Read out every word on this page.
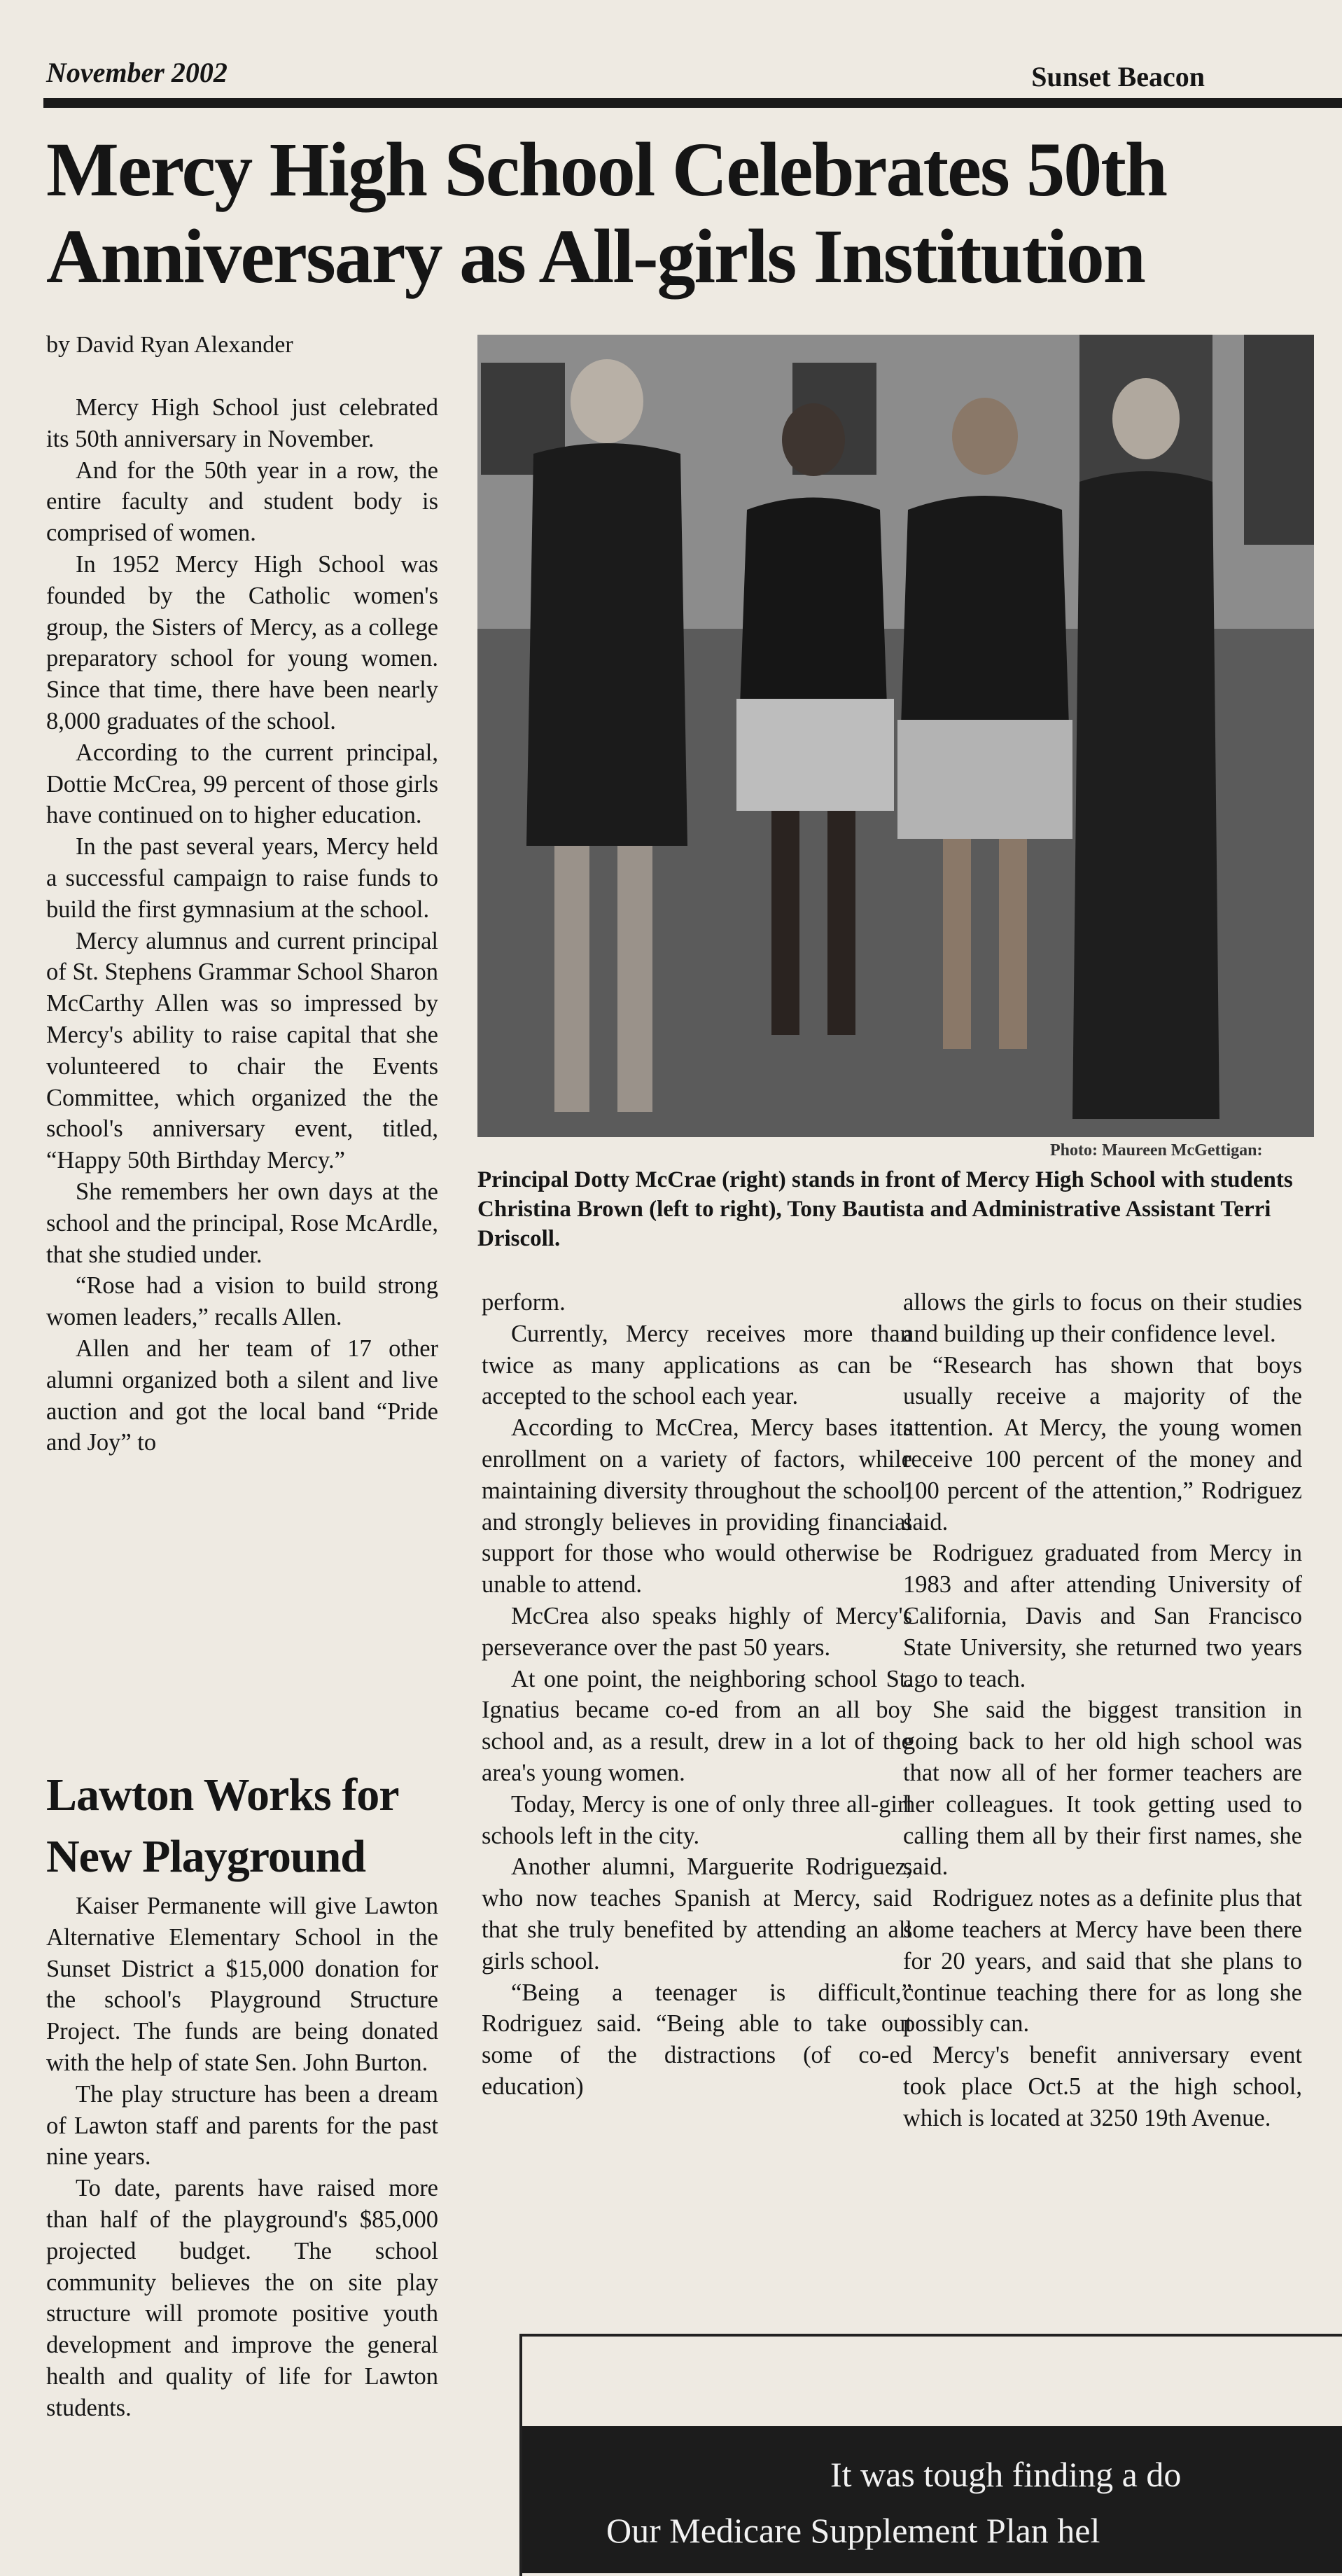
November 2002	Sunset Beacon
Mercy High School Celebrates 50th Anniversary as All-girls Institution
by David Ryan Alexander

Mercy High School just celebrated its 50th anniversary in November.

And for the 50th year in a row, the entire faculty and student body is comprised of women.

In 1952 Mercy High School was founded by the Catholic women's group, the Sisters of Mercy, as a college preparatory school for young women. Since that time, there have been nearly 8,000 graduates of the school.

According to the current principal, Dottie McCrea, 99 percent of those girls have continued on to higher education.

In the past several years, Mercy held a successful campaign to raise funds to build the first gymnasium at the school.

Mercy alumnus and current principal of St. Stephens Grammar School Sharon McCarthy Allen was so impressed by Mercy's ability to raise capital that she volunteered to chair the Events Committee, which organized the the school's anniversary event, titled, “Happy 50th Birthday Mercy.”

She remembers her own days at the school and the principal, Rose McArdle, that she studied under.

“Rose had a vision to build strong women leaders,” recalls Allen.

Allen and her team of 17 other alumni organized both a silent and live auction and got the local band “Pride and Joy” to

Photo: Maureen McGettigan:
Principal Dotty McCrae (right) stands in front of Mercy High School with students Christina Brown (left to right), Tony Bautista and Administrative Assistant Terri Driscoll.

perform.

Currently, Mercy receives more than twice as many applications as can be accepted to the school each year.

According to McCrea, Mercy bases its enrollment on a variety of factors, while maintaining diversity throughout the school, and strongly believes in providing financial support for those who would otherwise be unable to attend.

McCrea also speaks highly of Mercy's perseverance over the past 50 years.

At one point, the neighboring school St. Ignatius became co-ed from an all boy school and, as a result, drew in a lot of the area's young women.

Today, Mercy is one of only three all-girl schools left in the city.

Another alumni, Marguerite Rodriguez, who now teaches Spanish at Mercy, said that she truly benefited by attending an all girls school.

“Being a teenager is difficult,” Rodriguez said. “Being able to take out some of the distractions (of co-ed education)

allows the girls to focus on their studies and building up their confidence level.

“Research has shown that boys usually receive a majority of the attention. At Mercy, the young women receive 100 percent of the money and 100 percent of the attention,” Rodriguez said.

Rodriguez graduated from Mercy in 1983 and after attending University of California, Davis and San Francisco State University, she returned two years ago to teach.

She said the biggest transition in going back to her old high school was that now all of her former teachers are her colleagues. It took getting used to calling them all by their first names, she said.

Rodriguez notes as a definite plus that some teachers at Mercy have been there for 20 years, and said that she plans to continue teaching there for as long she possibly can.

Mercy's benefit anniversary event took place Oct.5 at the high school, which is located at 3250 19th Avenue.

Lawton Works for New Playground

Kaiser Permanente will give Lawton Alternative Elementary School in the Sunset District a $15,000 donation for the school's Playground Structure Project. The funds are being donated with the help of state Sen. John Burton.

The play structure has been a dream of Lawton staff and parents for the past nine years.

To date, parents have raised more than half of the playground's $85,000 projected budget. The school community believes the on site play structure will promote positive youth development and improve the general health and quality of life for Lawton students.

It was tough finding a do
Our Medicare Supplement Plan hel
